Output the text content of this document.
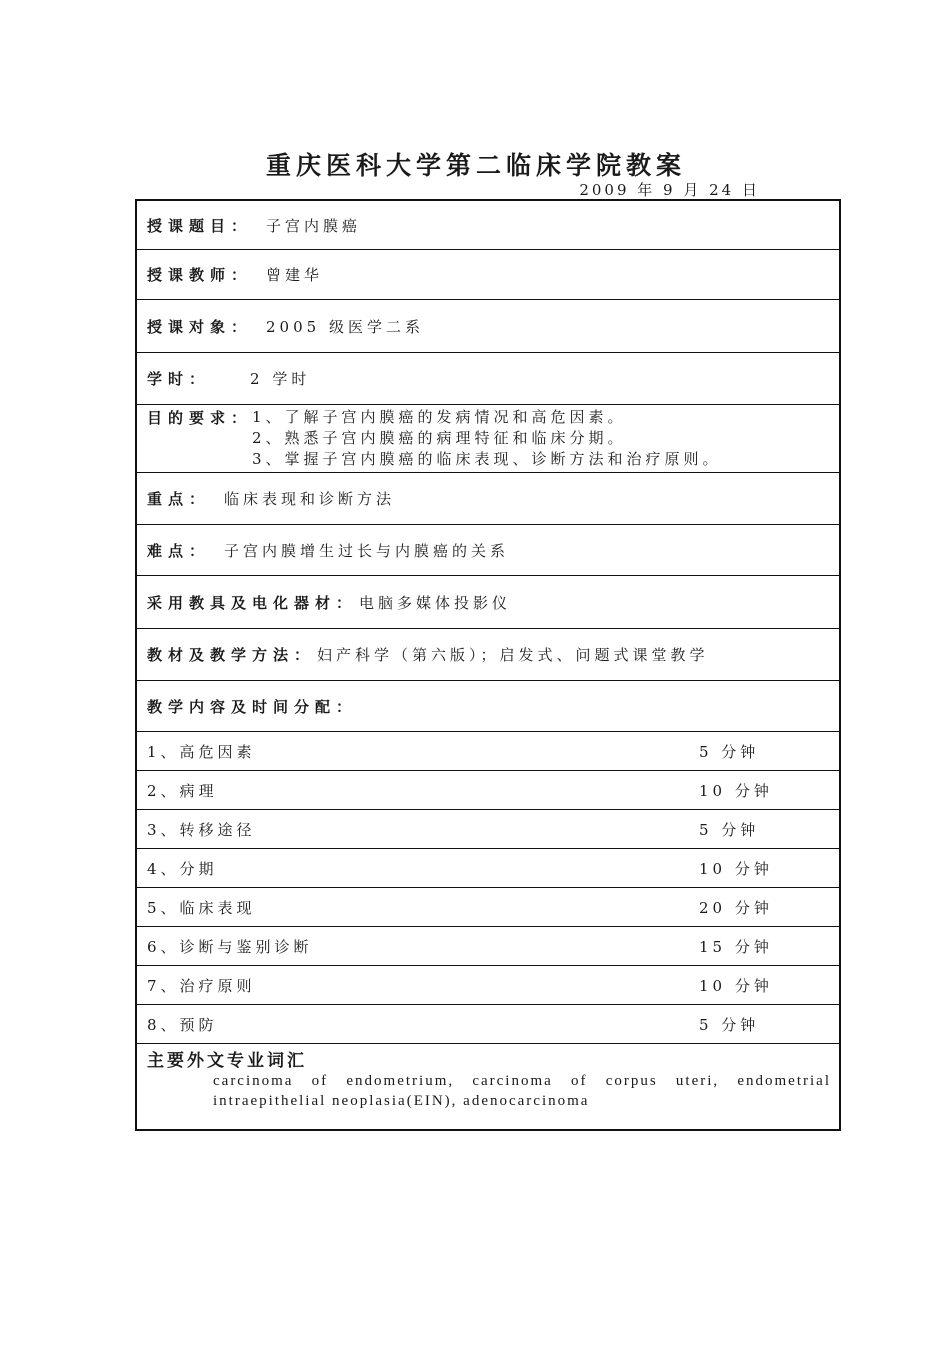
重庆医科大学第二临床学院教案
2009 年 9 月 24 日
授课题目： 子宫内膜癌
授课教师： 曾建华
授课对象： 2005 级医学二系
学时：	2 学时
目的要求： 1、了解子宫内膜癌的发病情况和高危因素。
2、熟悉子宫内膜癌的病理特征和临床分期。
3、掌握子宫内膜癌的临床表现、诊断方法和治疗原则。
重点： 临床表现和诊断方法
难点： 子宫内膜增生过长与内膜癌的关系
采用教具及电化器材： 电脑多媒体投影仪
教材及教学方法： 妇产科学（第六版）；启发式、问题式课堂教学
教学内容及时间分配：
1、高危因素	5 分钟
2、病理	10 分钟
3、转移途径	5 分钟
4、分期	10 分钟
5、临床表现	20 分钟
6、诊断与鉴别诊断	15 分钟
7、治疗原则	10 分钟
8、预防	5 分钟
主要外文专业词汇
carcinoma of endometrium, carcinoma of corpus uteri, endometrial intraepithelial neoplasia(EIN), adenocarcinoma
